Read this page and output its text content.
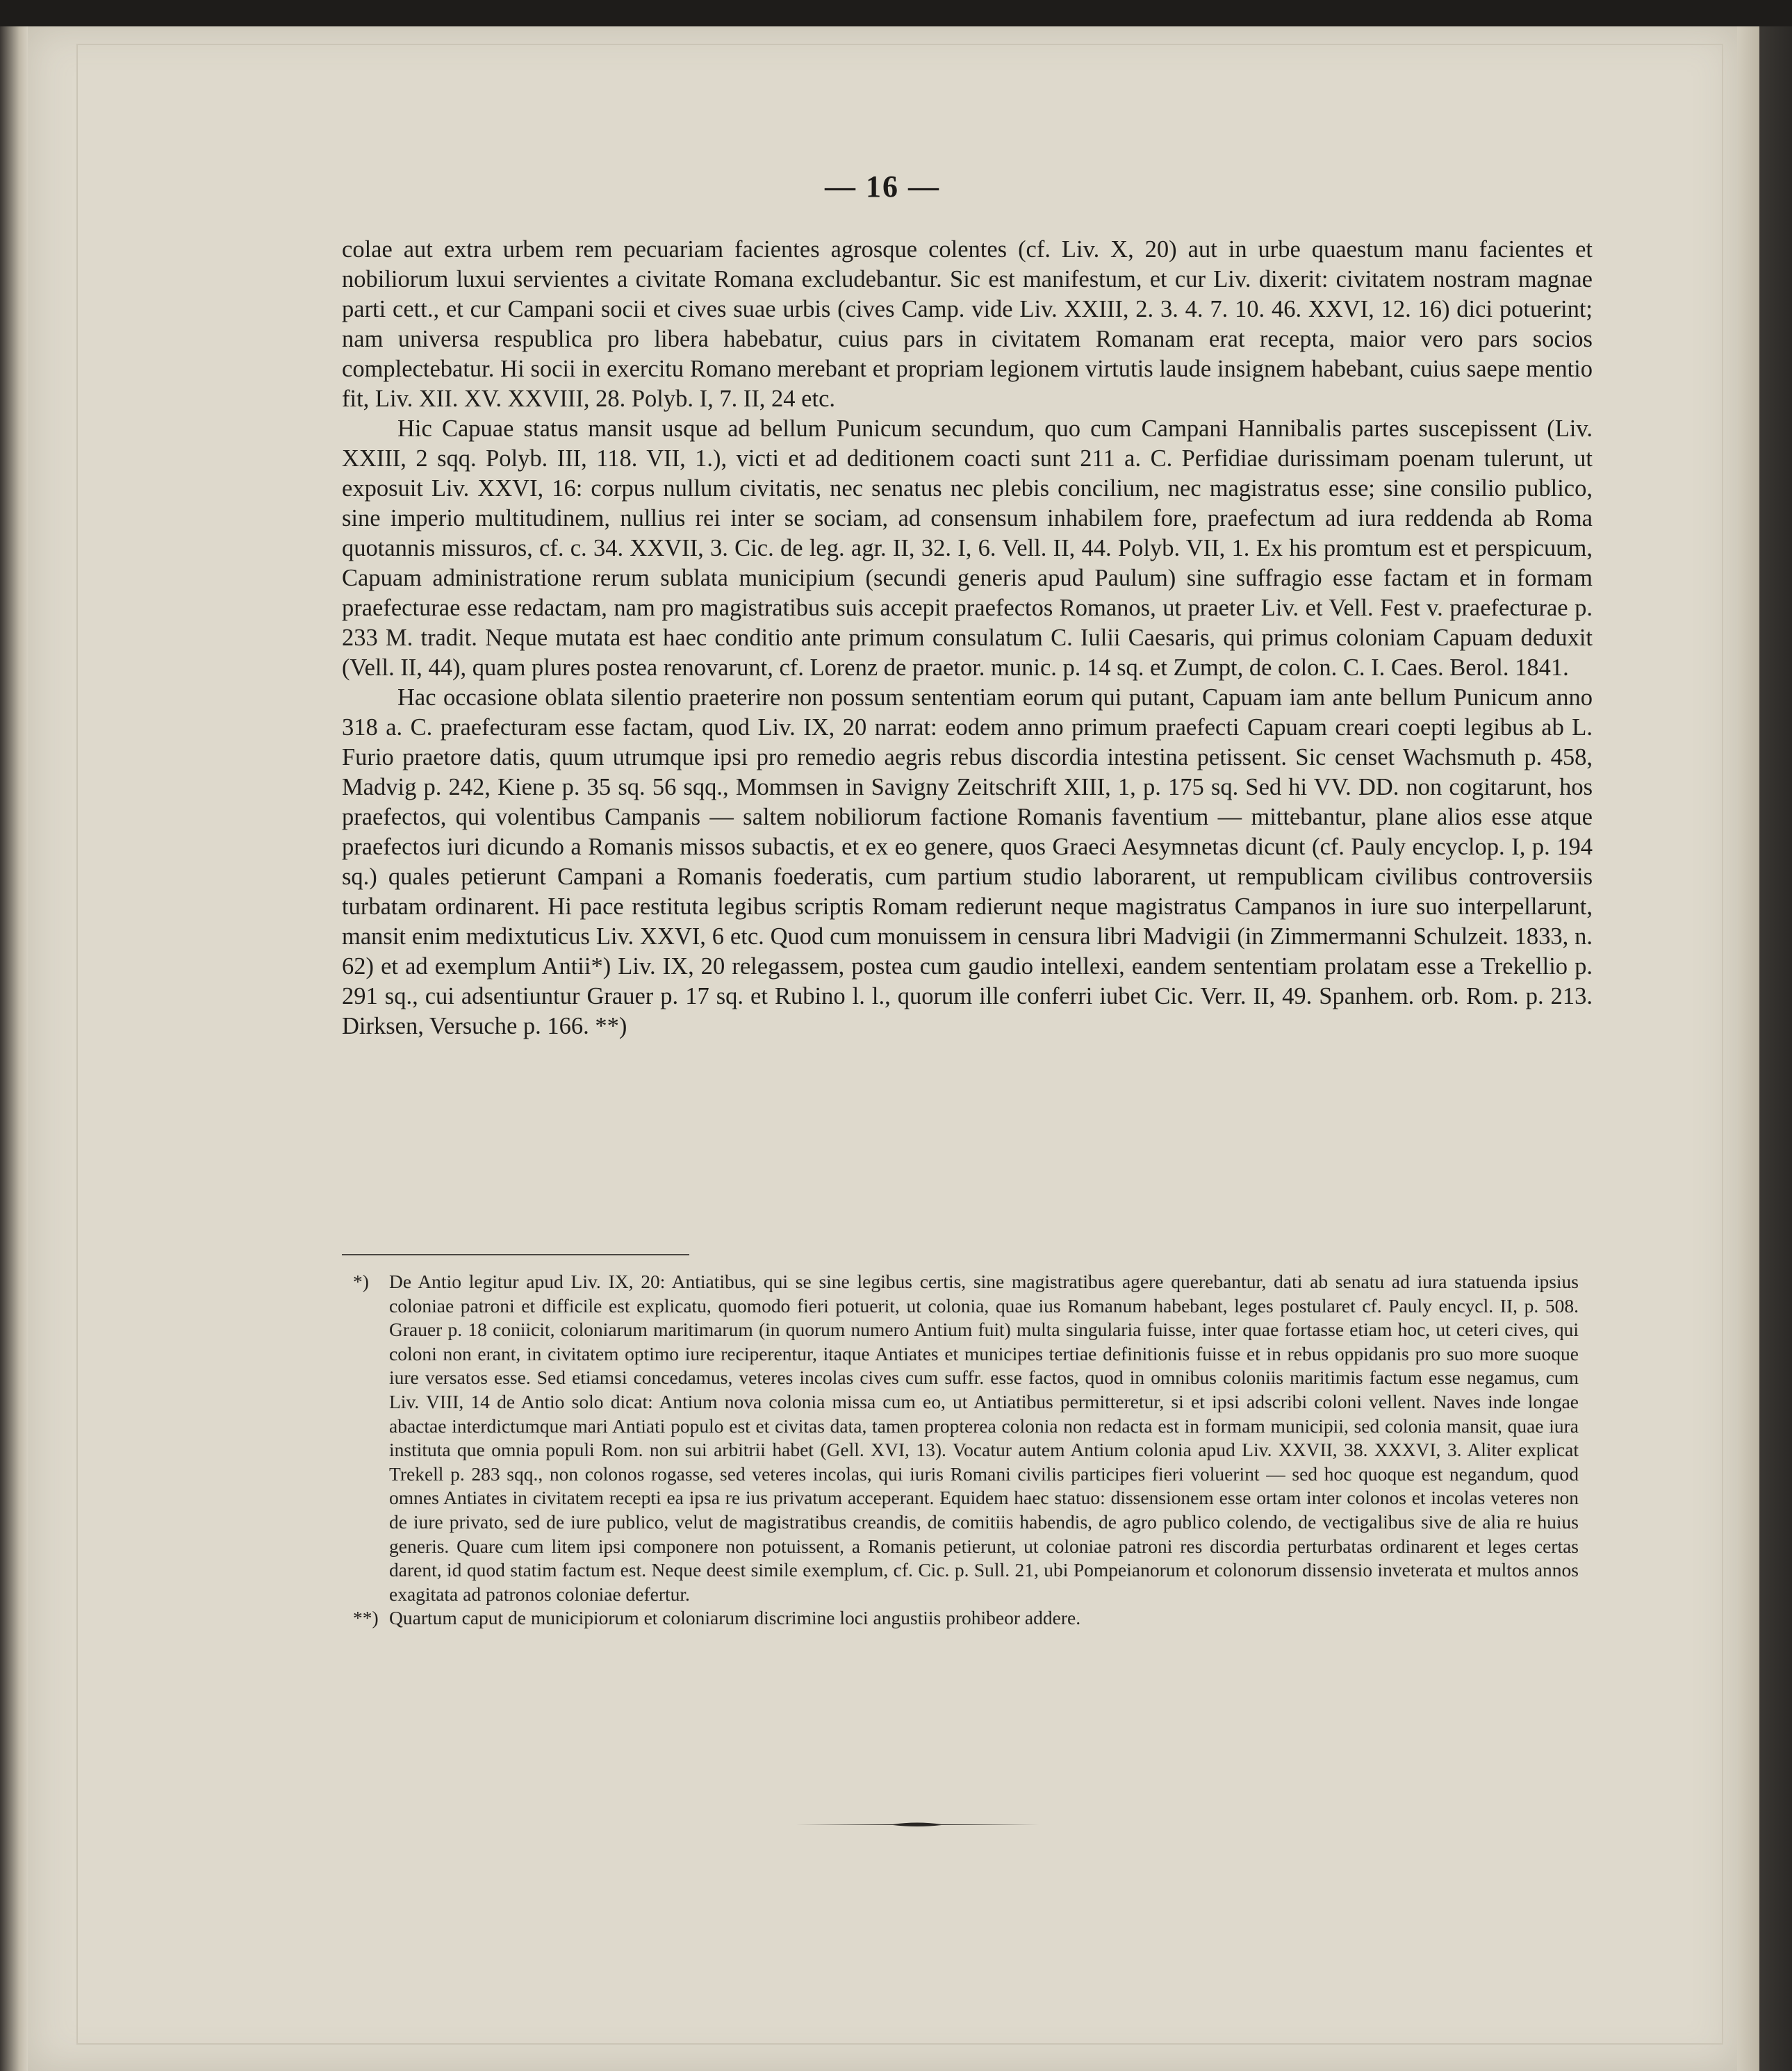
— 16 —

colae aut extra urbem rem pecuariam facientes agrosque colentes (cf. Liv. X, 20) aut in urbe quaestum manu facientes et nobiliorum luxui servientes a civitate Romana excludebantur. Sic est manifestum, et cur Liv. dixerit: civitatem nostram magnae parti cett., et cur Campani socii et cives suae urbis (cives Camp. vide Liv. XXIII, 2. 3. 4. 7. 10. 46. XXVI, 12. 16) dici potuerint; nam universa respublica pro libera habebatur, cuius pars in civitatem Romanam erat recepta, maior vero pars socios complectebatur. Hi socii in exercitu Romano merebant et propriam legionem virtutis laude insignem habebant, cuius saepe mentio fit, Liv. XII. XV. XXVIII, 28. Polyb. I, 7. II, 24 etc.

Hic Capuae status mansit usque ad bellum Punicum secundum, quo cum Campani Hannibalis partes suscepissent (Liv. XXIII, 2 sqq. Polyb. III, 118. VII, 1.), victi et ad deditionem coacti sunt 211 a. C. Perfidiae durissimam poenam tulerunt, ut exposuit Liv. XXVI, 16: corpus nullum civitatis, nec senatus nec plebis concilium, nec magistratus esse; sine consilio publico, sine imperio multitudinem, nullius rei inter se sociam, ad consensum inhabilem fore, praefectum ad iura reddenda ab Roma quotannis missuros, cf. c. 34. XXVII, 3. Cic. de leg. agr. II, 32. I, 6. Vell. II, 44. Polyb. VII, 1. Ex his promtum est et perspicuum, Capuam administratione rerum sublata municipium (secundi generis apud Paulum) sine suffragio esse factam et in formam praefecturae esse redactam, nam pro magistratibus suis accepit praefectos Romanos, ut praeter Liv. et Vell. Fest v. praefecturae p. 233 M. tradit. Neque mutata est haec conditio ante primum consulatum C. Iulii Caesaris, qui primus coloniam Capuam deduxit (Vell. II, 44), quam plures postea renovarunt, cf. Lorenz de praetor. munic. p. 14 sq. et Zumpt, de colon. C. I. Caes. Berol. 1841.

Hac occasione oblata silentio praeterire non possum sententiam eorum qui putant, Capuam iam ante bellum Punicum anno 318 a. C. praefecturam esse factam, quod Liv. IX, 20 narrat: eodem anno primum praefecti Capuam creari coepti legibus ab L. Furio praetore datis, quum utrumque ipsi pro remedio aegris rebus discordia intestina petissent. Sic censet Wachsmuth p. 458, Madvig p. 242, Kiene p. 35 sq. 56 sqq., Mommsen in Savigny Zeitschrift XIII, 1, p. 175 sq. Sed hi VV. DD. non cogitarunt, hos praefectos, qui volentibus Campanis — saltem nobiliorum factione Romanis faventium — mittebantur, plane alios esse atque praefectos iuri dicundo a Romanis missos subactis, et ex eo genere, quos Graeci Aesymnetas dicunt (cf. Pauly encyclop. I, p. 194 sq.) quales petierunt Campani a Romanis foederatis, cum partium studio laborarent, ut rempublicam civilibus controversiis turbatam ordinarent. Hi pace restituta legibus scriptis Romam redierunt neque magistratus Campanos in iure suo interpellarunt, mansit enim medixtuticus Liv. XXVI, 6 etc. Quod cum monuissem in censura libri Madvigii (in Zimmermanni Schulzeit. 1833, n. 62) et ad exemplum Antii*) Liv. IX, 20 relegassem, postea cum gaudio intellexi, eandem sententiam prolatam esse a Trekellio p. 291 sq., cui adsentiuntur Grauer p. 17 sq. et Rubino l. l., quorum ille conferri iubet Cic. Verr. II, 49. Spanhem. orb. Rom. p. 213. Dirksen, Versuche p. 166. **)

*) De Antio legitur apud Liv. IX, 20: Antiatibus, qui se sine legibus certis, sine magistratibus agere querebantur, dati ab senatu ad iura statuenda ipsius coloniae patroni et difficile est explicatu, quomodo fieri potuerit, ut colonia, quae ius Romanum habebant, leges postularet cf. Pauly encycl. II, p. 508. Grauer p. 18 coniicit, coloniarum maritimarum (in quorum numero Antium fuit) multa singularia fuisse, inter quae fortasse etiam hoc, ut ceteri cives, qui coloni non erant, in civitatem optimo iure reciperentur, itaque Antiates et municipes tertiae definitionis fuisse et in rebus oppidanis pro suo more suoque iure versatos esse. Sed etiamsi concedamus, veteres incolas cives cum suffr. esse factos, quod in omnibus coloniis maritimis factum esse negamus, cum Liv. VIII, 14 de Antio solo dicat: Antium nova colonia missa cum eo, ut Antiatibus permitteretur, si et ipsi adscribi coloni vellent. Naves inde longae abactae interdictumque mari Antiati populo est et civitas data, tamen propterea colonia non redacta est in formam municipii, sed colonia mansit, quae iura instituta que omnia populi Rom. non sui arbitrii habet (Gell. XVI, 13). Vocatur autem Antium colonia apud Liv. XXVII, 38. XXXVI, 3. Aliter explicat Trekell p. 283 sqq., non colonos rogasse, sed veteres incolas, qui iuris Romani civilis participes fieri voluerint — sed hoc quoque est negandum, quod omnes Antiates in civitatem recepti ea ipsa re ius privatum acceperant. Equidem haec statuo: dissensionem esse ortam inter colonos et incolas veteres non de iure privato, sed de iure publico, velut de magistratibus creandis, de comitiis habendis, de agro publico colendo, de vectigalibus sive de alia re huius generis. Quare cum litem ipsi componere non potuissent, a Romanis petierunt, ut coloniae patroni res discordia perturbatas ordinarent et leges certas darent, id quod statim factum est. Neque deest simile exemplum, cf. Cic. p. Sull. 21, ubi Pompeianorum et colonorum dissensio inveterata et multos annos exagitata ad patronos coloniae defertur.

**) Quartum caput de municipiorum et coloniarum discrimine loci angustiis prohibeor addere.
